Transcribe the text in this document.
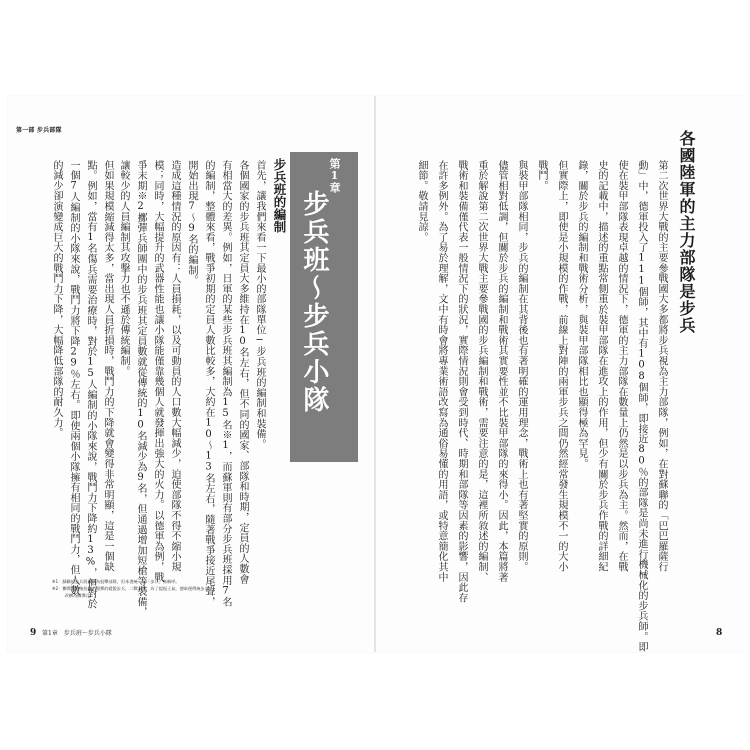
第一部 步兵部隊	各國陸軍的主力部隊是步兵
第1章
步兵班～步兵小隊
步兵班的編制
※1：蘇聯的步兵班被稱為狙擊部隊，但本書統一以「步兵」來稱呼。
※2：擲彈兵原指投擲手榴彈的精銳步兵，二戰末期，為了提振士氣，德軍便傳統步兵
　　　改稱為擲彈兵。
9 第1章　步兵班～步兵小隊	8
第二次世界大戰的主要參戰國大多都將步兵視為主力部隊，例如，在對蘇聯的「巴巴羅薩行
動」中，德軍投入了111個師，其中有108個師，即接近80％的部隊是尚未進行機械化的步兵師。即
使在裝甲部隊表現卓越的情況下，德軍的主力部隊在數量上仍然是以步兵為主。然而，在戰
史的記載中，描述的重點常側重於裝甲部隊在進攻上的作用，但少有關於步兵作戰的詳細紀
錄，關於步兵的編制和戰術分析，與裝甲部隊相比也顯得極為罕見。
但實際上，即使是小規模的作戰，前線上對陣的兩軍步兵之間仍然經常發生規模不一的大小
戰鬥。
與裝甲部隊相同，步兵的編制在其背後也有著明確的運用理念，戰術上也有著堅實的原則。
儘管相對低調，但關於步兵的編制和戰術其實要性並不比裝甲部隊的來得小。因此，本篇將著
重於解說第二次世界大戰主要參戰國的步兵編制和戰術，需要注意的是，這裡所敘述的編制、
戰術和裝備僅代表一般情況下的狀況，實際情況則會受到時代、時期和部隊等因素的影響，因此存
在許多例外。為了易於理解，文中有時會將專業術語改寫為通俗易懂的用語，或特意簡化其中
細節。敬請見諒。
首先，讓我們來看一下最小的部隊單位─步兵班的編制和裝備。
各個國家的步兵班其定員大多維持在10名左右，但不同的國家、部隊和時期，定員的人數會
有相當大的差異。例如，日軍的某些步兵班其編制為15名※1，而蘇軍則有部分步兵班採用7名
的編制，整體來看，戰爭初期的定員人數比較多，大約在10～13名左右，隨著戰爭接近尾聲，
開始出現7～9名的編制。
造成這種情況的原因有：人員損耗，以及可動員的人口數大幅減少，迫使部隊不得不縮小規
模；同時，大幅提升的武器性能也讓小隊能僅靠幾個人就發揮出強大的火力。以德軍為例，戰
爭末期※2擲彈兵師團中的步兵班其定員數就從傳統的10名減少為9名，但通過增加短槍等裝備，
讓較少的人員編制其攻擊力也不遜於傳統編制。
但如果規模縮減得太多，當出現人員折損時，戰鬥力的下降就會變得非常明顯，這是一個缺
點。例如，當有1名傷兵需要治療時，對於15人編制的小隊來說，戰鬥力下降約13%，但對於
一個7人編制的小隊來說，戰鬥力將下降29％左右。即使兩個小隊擁有相同的戰鬥力，但人數
的減少卻演變成巨大的戰鬥力下降，大幅降低部隊的耐久力。
